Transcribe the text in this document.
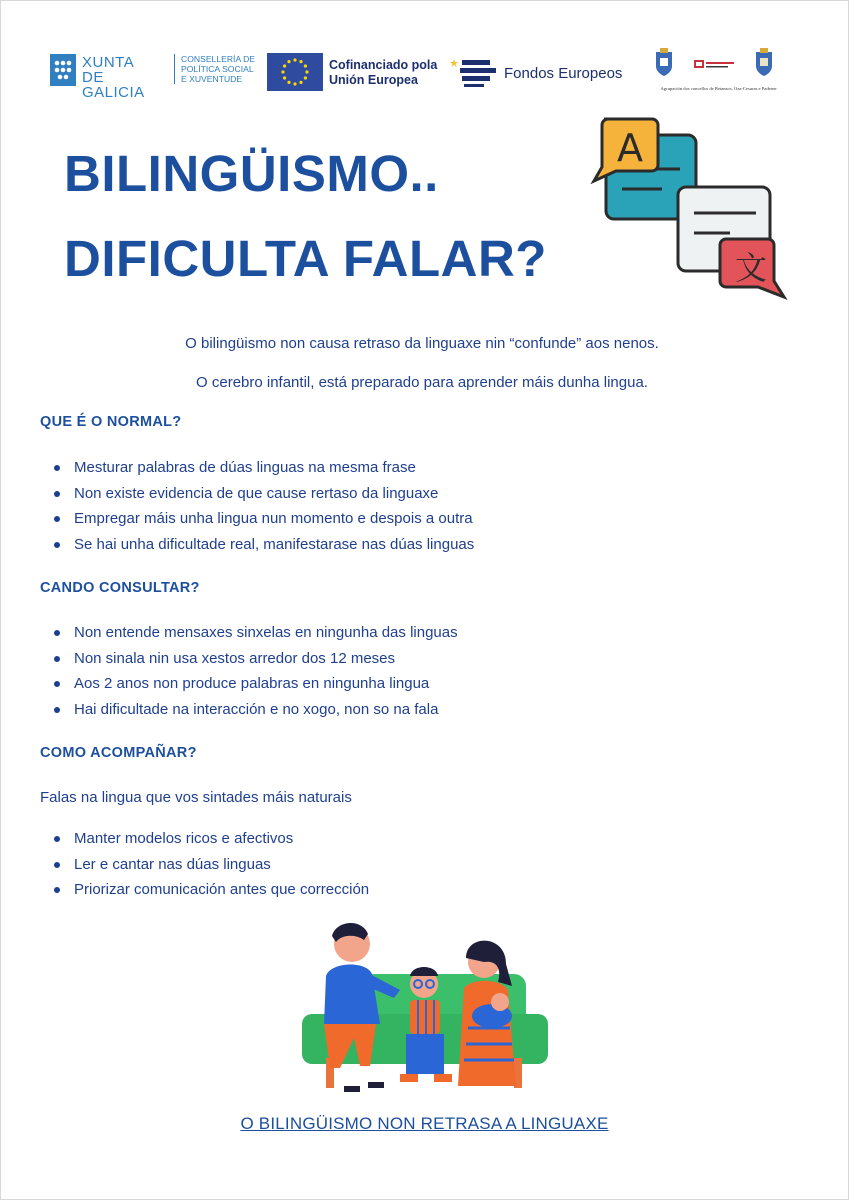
XUNTA
DE GALICIA
CONSELLERÍA DE
POLÍTICA SOCIAL
E XUVENTUDE
Cofinanciado pola
Unión Europea	Fondos Europeos
Agrupación dos concellos de Betanzos, Oza-Cesuras e Paderne
BILINGÜISMO..
DIFICULTA FALAR?
A
文

O bilingüismo non causa retraso da linguaxe nin “confunde” aos nenos.

O cerebro infantil, está preparado para aprender máis dunha lingua.

QUE É O NORMAL?
Mesturar palabras de dúas linguas na mesma frase
Non existe evidencia de que cause rertaso da linguaxe
Empregar máis unha lingua nun momento e despois a outra
Se hai unha dificultade real, manifestarase nas dúas linguas
CANDO CONSULTAR?
Non entende mensaxes sinxelas en ningunha das linguas
Non sinala nin usa xestos arredor dos 12 meses
Aos 2 anos non produce palabras en ningunha lingua
Hai dificultade na interacción e no xogo, non so na fala
COMO ACOMPAÑAR?

Falas na lingua que vos sintades máis naturais

Manter modelos ricos e afectivos
Ler e cantar nas dúas linguas
Priorizar comunicación antes que corrección
O BILINGÜISMO NON RETRASA A LINGUAXE
